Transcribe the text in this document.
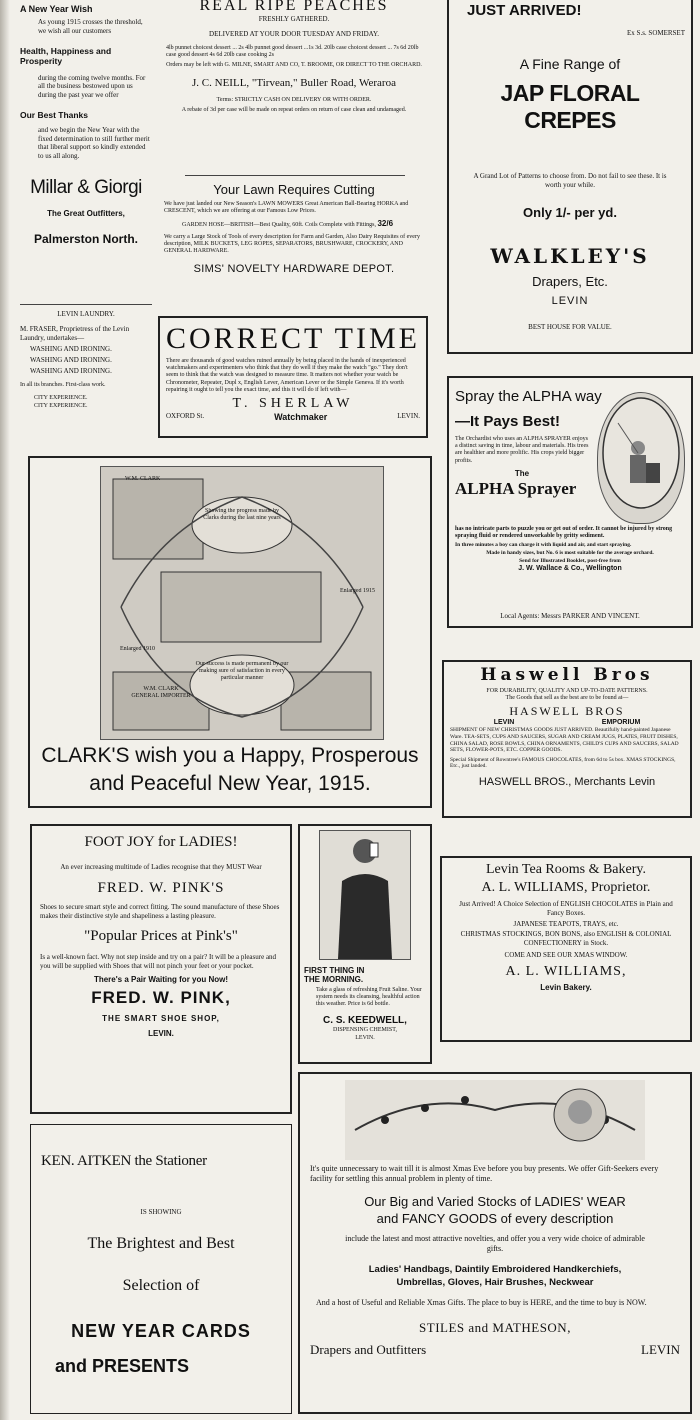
A New Year Wish

As young 1915 crosses the threshold, we wish all our customers

Health, Happiness and Prosperity

during the coming twelve months. For all the business bestowed upon us during the past year we offer

Our Best Thanks

and we begin the New Year with the fixed determination to still further merit that liberal support so kindly extended to us all along.

Millar & Giorgi

The Great Outfitters,

Palmerston North.

LEVIN LAUNDRY.

M. FRASER, Proprietress of the Levin Laundry, undertakes—

WASHING AND IRONING.

WASHING AND IRONING.

WASHING AND IRONING.

In all its branches. First-class work.

CITY EXPERIENCE.

CITY EXPERIENCE.

REAL RIPE PEACHES

FRESHLY GATHERED.

DELIVERED AT YOUR DOOR TUESDAY AND FRIDAY.

4lb punnet choicest dessert ... 2s 4lb punnet good dessert ...1s 3d. 20lb case choicest dessert ... 7s 6d 20lb case good dessert 4s 6d 20lb case cooking 2s

Orders may be left with G. MILNE, SMART AND CO, T. BROOME, OR DIRECT TO THE ORCHARD.

J. C. NEILL, "Tirvean," Buller Road, Weraroa

Terms: STRICTLY CASH ON DELIVERY OR WITH ORDER.

A rebate of 3d per case will be made on repeat orders on return of case clean and undamaged.

Your Lawn Requires Cutting

We have just landed our New Season's LAWN MOWERS Great American Ball-Bearing HORKA and CRESCENT, which we are offering at our Famous Low Prices.

GARDEN HOSE—BRITISH—Best Quality, 60ft. Coils Complete with Fittings, 32/6

We carry a Large Stock of Tools of every description for Farm and Garden, Also Dairy Requisites of every description, MILK BUCKETS, LEG ROPES, SEPARATORS, BRUSHWARE, CROCKERY, AND GENERAL HARDWARE.

SIMS' NOVELTY HARDWARE DEPOT.

CORRECT TIME

There are thousands of good watches ruined annually by being placed in the hands of inexperienced watchmakers and experimenters who think that they do well if they make the watch "go." They don't seem to think that the watch was designed to measure time. It matters not whether your watch be Chronometer, Repeater, Dupl x, English Lever, American Lever or the Simple Geneva. If it's worth repairing it ought to tell you the exact time, and this it will do if left with—

T. SHERLAW

OXFORD St.	Watchmaker	LEVIN.

JUST ARRIVED!

Ex S.s. SOMERSET

A Fine Range of

JAP FLORAL CREPES

A Grand Lot of Patterns to choose from. Do not fail to see these. It is worth your while.

Only 1/- per yd.

WALKLEY'S

Drapers, Etc.

LEVIN

BEST HOUSE FOR VALUE.

Spray the ALPHA way

—It Pays Best!

The Orchardist who uses an ALPHA SPRAYER enjoys a distinct saving in time, labour and materials. His trees are healthier and more prolific. His crops yield bigger profits.

The

ALPHA Sprayer

has no intricate parts to puzzle you or get out of order. It cannot be injured by strong spraying fluid or rendered unworkable by gritty sediment.

In three minutes a boy can charge it with liquid and air, and start spraying.

Made in handy sizes, but No. 6 is most suitable for the average orchard.

Send for Illustrated Booklet, post-free from

J. W. Wallace & Co., Wellington

Local Agents: Messrs PARKER AND VINCENT.

W.M. CLARK

Showing the progress made by Clarks during the last nine years

Enlarged 1910

Enlarged 1915

Our success is made permanent by our making sure of satisfaction in every particular manner

W.M. CLARK GENERAL IMPORTER

CLARK'S wish you a Happy, Prosperous

and Peaceful New Year, 1915.

Haswell Bros

FOR DURABILITY, QUALITY AND UP-TO-DATE PATTERNS.

The Goods that sell as the best are to be found at—

HASWELL BROS

LEVIN	EMPORIUM

SHIPMENT OF NEW CHRISTMAS GOODS JUST ARRIVED. Beautifully hand-painted Japanese Ware. TEA-SETS, CUPS AND SAUCERS, SUGAR AND CREAM JUGS, PLATES, FRUIT DISHES, CHINA SALAD, ROSE BOWLS, CHINA ORNAMENTS, CHILD'S CUPS AND SAUCERS, SALAD SETS, FLOWER-POTS, ETC. COPPER GOODS.

Special Shipment of Rowntree's FAMOUS CHOCOLATES, from 6d to 5s box. XMAS STOCKINGS, Etc., just landed.

HASWELL BROS., Merchants Levin

FOOT JOY for LADIES!

An ever increasing multitude of Ladies recognise that they MUST Wear

FRED. W. PINK'S

Shoes to secure smart style and correct fitting. The sound manufacture of these Shoes makes their distinctive style and shapeliness a lasting pleasure.

"Popular Prices at Pink's"

Is a well-known fact. Why not step inside and try on a pair? It will be a pleasure and you will be supplied with Shoes that will not pinch your feet or your pocket.

There's a Pair Waiting for you Now!

FRED. W. PINK,

THE SMART SHOE SHOP,

LEVIN.

FIRST THING IN

THE MORNING.

Take a glass of refreshing Fruit Saline. Your system needs its cleansing, healthful action this weather. Price is 6d bottle.

C. S. KEEDWELL,

DISPENSING CHEMIST,

LEVIN.

Levin Tea Rooms & Bakery.

A. L. WILLIAMS, Proprietor.

Just Arrived! A Choice Selection of ENGLISH CHOCOLATES in Plain and Fancy Boxes.

JAPANESE TEAPOTS, TRAYS, etc.

CHRISTMAS STOCKINGS, BON BONS, also ENGLISH & COLONIAL CONFECTIONERY in Stock.

COME AND SEE OUR XMAS WINDOW.

A. L. WILLIAMS,

Levin Bakery.

KEN. AITKEN the Stationer

IS SHOWING

The Brightest and Best

Selection of

NEW YEAR CARDS

and PRESENTS

It's quite unnecessary to wait till it is almost Xmas Eve before you buy presents. We offer Gift-Seekers every facility for settling this annual problem in plenty of time.

Our Big and Varied Stocks of LADIES' WEAR

and FANCY GOODS of every description

include the latest and most attractive novelties, and offer you a very wide choice of admirable gifts.

Ladies' Handbags, Daintily Embroidered Handkerchiefs,

Umbrellas, Gloves, Hair Brushes, Neckwear

And a host of Useful and Reliable Xmas Gifts. The place to buy is HERE, and the time to buy is NOW.

STILES and MATHESON,

Drapers and Outfitters	LEVIN
